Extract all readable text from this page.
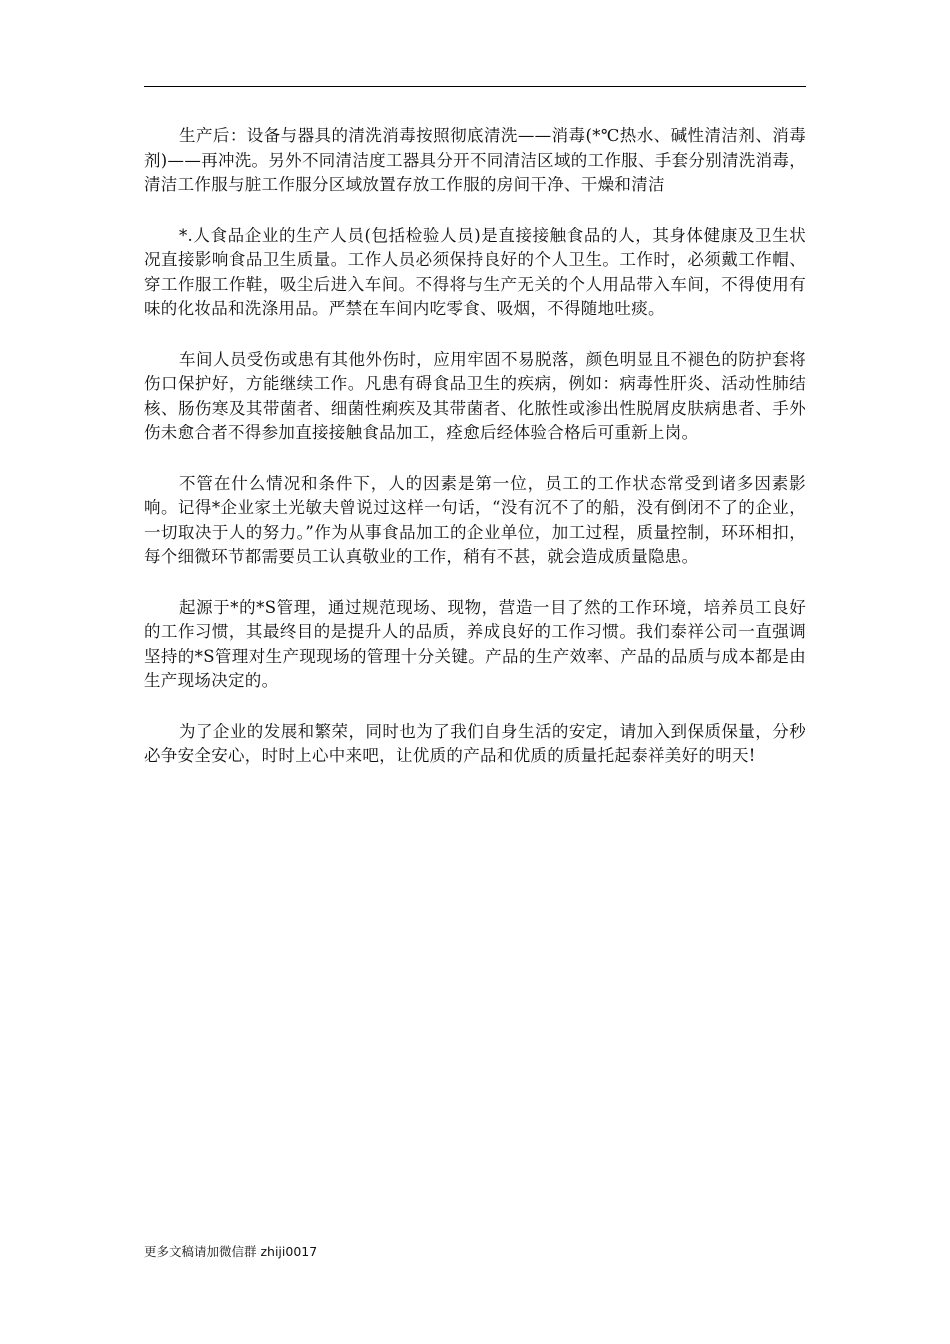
生产后：设备与器具的清洗消毒按照彻底清洗——消毒(*℃热水、碱性清洁剂、消毒剂)——再冲洗。另外不同清洁度工器具分开不同清洁区域的工作服、手套分别清洗消毒，清洁工作服与脏工作服分区域放置存放工作服的房间干净、干燥和清洁

*.人食品企业的生产人员(包括检验人员)是直接接触食品的人，其身体健康及卫生状况直接影响食品卫生质量。工作人员必须保持良好的个人卫生。工作时，必须戴工作帽、穿工作服工作鞋，吸尘后进入车间。不得将与生产无关的个人用品带入车间，不得使用有味的化妆品和洗涤用品。严禁在车间内吃零食、吸烟，不得随地吐痰。

车间人员受伤或患有其他外伤时，应用牢固不易脱落，颜色明显且不褪色的防护套将伤口保护好，方能继续工作。凡患有碍食品卫生的疾病，例如：病毒性肝炎、活动性肺结核、肠伤寒及其带菌者、细菌性痢疾及其带菌者、化脓性或渗出性脱屑皮肤病患者、手外伤未愈合者不得参加直接接触食品加工，痊愈后经体验合格后可重新上岗。

不管在什么情况和条件下，人的因素是第一位，员工的工作状态常受到诸多因素影响。记得*企业家土光敏夫曾说过这样一句话，“没有沉不了的船，没有倒闭不了的企业，一切取决于人的努力。”作为从事食品加工的企业单位，加工过程，质量控制，环环相扣，每个细微环节都需要员工认真敬业的工作，稍有不甚，就会造成质量隐患。

起源于*的*S管理，通过规范现场、现物，营造一目了然的工作环境，培养员工良好的工作习惯，其最终目的是提升人的品质，养成良好的工作习惯。我们泰祥公司一直强调坚持的*S管理对生产现现场的管理十分关键。产品的生产效率、产品的品质与成本都是由生产现场决定的。

为了企业的发展和繁荣，同时也为了我们自身生活的安定，请加入到保质保量，分秒必争安全安心，时时上心中来吧，让优质的产品和优质的质量托起泰祥美好的明天!

更多文稿请加微信群 zhiji0017
